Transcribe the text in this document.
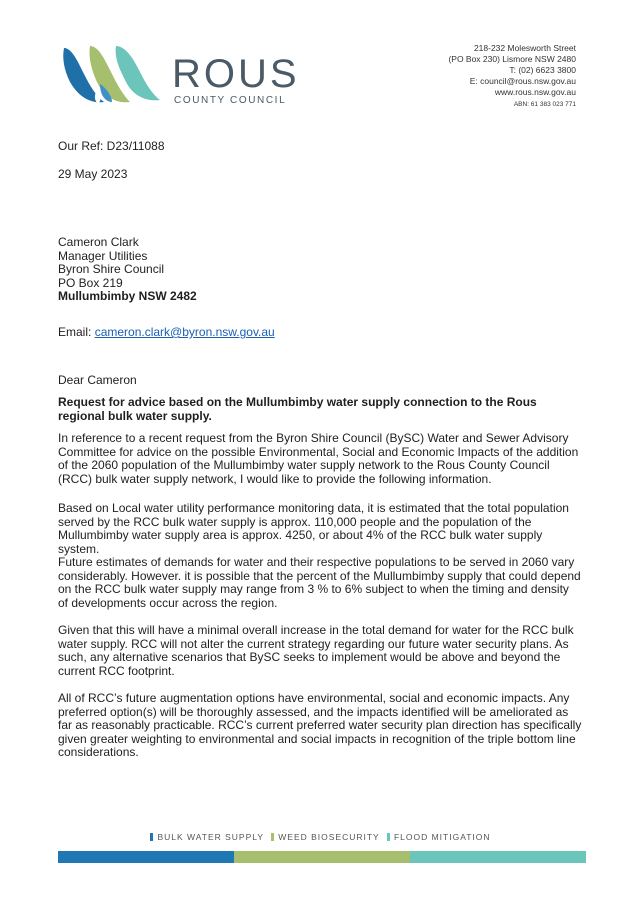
ROUS
COUNTY COUNCIL
218-232 Molesworth Street
(PO Box 230) Lismore NSW 2480
T: (02) 6623 3800
E: council@rous.nsw.gov.au
www.rous.nsw.gov.au
ABN: 61 383 023 771
Our Ref: D23/11088
29 May 2023
Cameron Clark
Manager Utilities
Byron Shire Council
PO Box 219
Mullumbimby NSW 2482
Email: cameron.clark@byron.nsw.gov.au
Dear Cameron
Request for advice based on the Mullumbimby water supply connection to the Rous regional bulk water supply.
In reference to a recent request from the Byron Shire Council (BySC) Water and Sewer Advisory Committee for advice on the possible Environmental, Social and Economic Impacts of the addition of the 2060 population of the Mullumbimby water supply network to the Rous County Council (RCC) bulk water supply network, I would like to provide the following information.
Based on Local water utility performance monitoring data, it is estimated that the total population served by the RCC bulk water supply is approx. 110,000 people and the population of the Mullumbimby water supply area is approx. 4250, or about 4% of the RCC bulk water supply system.
Future estimates of demands for water and their respective populations to be served in 2060 vary considerably. However. it is possible that the percent of the Mullumbimby supply that could depend on the RCC bulk water supply may range from 3 % to 6% subject to when the timing and density of developments occur across the region.
Given that this will have a minimal overall increase in the total demand for water for the RCC bulk water supply. RCC will not alter the current strategy regarding our future water security plans. As such, any alternative scenarios that BySC seeks to implement would be above and beyond the current RCC footprint.
All of RCC’s future augmentation options have environmental, social and economic impacts. Any preferred option(s) will be thoroughly assessed, and the impacts identified will be ameliorated as far as reasonably practicable. RCC’s current preferred water security plan direction has specifically given greater weighting to environmental and social impacts in recognition of the triple bottom line considerations.
BULK WATER SUPPLY WEED BIOSECURITY FLOOD MITIGATION
